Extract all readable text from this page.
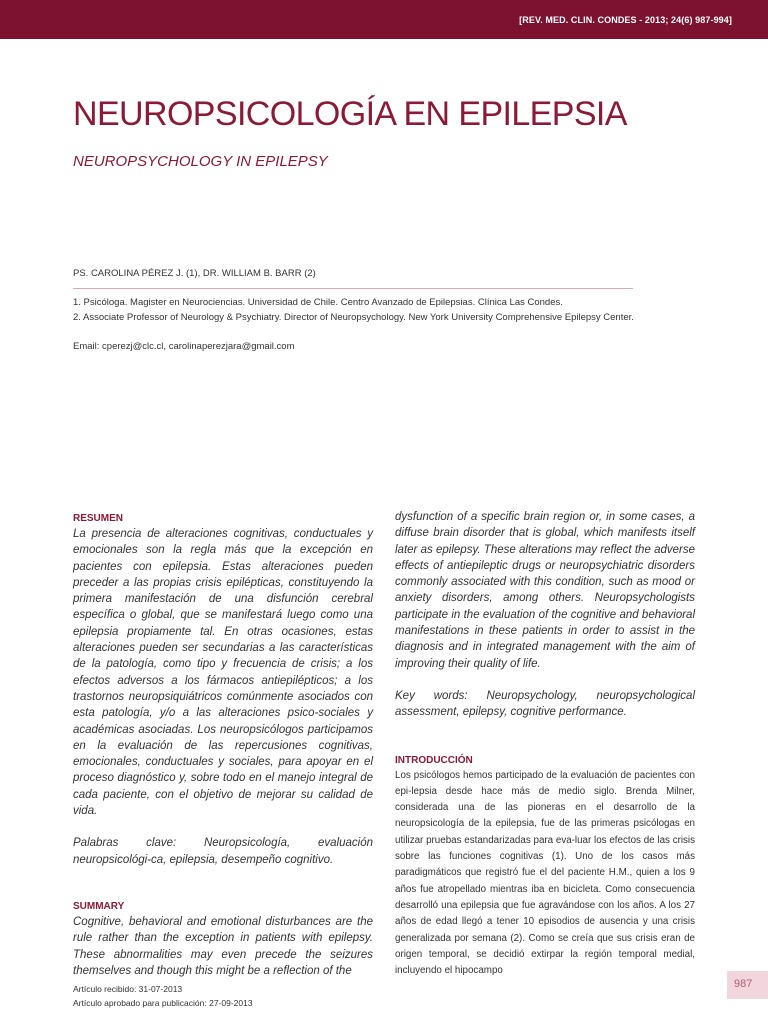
[REV. MED. CLIN. CONDES - 2013; 24(6) 987-994]
NEUROPSICOLOGÍA EN EPILEPSIA
NEUROPSYCHOLOGY IN EPILEPSY
PS. CAROLINA PÉREZ J. (1), DR. WILLIAM B. BARR (2)
1. Psicóloga. Magister en Neurociencias. Universidad de Chile. Centro Avanzado de Epilepsias. Clínica Las Condes.
2. Associate Professor of Neurology & Psychiatry. Director of Neuropsychology. New York University Comprehensive Epilepsy Center.
Email: cperezj@clc.cl, carolinaperezjara@gmail.com

RESUMEN

La presencia de alteraciones cognitivas, conductuales y emocionales son la regla más que la excepción en pacientes con epilepsia. Estas alteraciones pueden preceder a las propias crisis epilépticas, constituyendo la primera manifestación de una disfunción cerebral específica o global, que se manifestará luego como una epilepsia propiamente tal. En otras ocasiones, estas alteraciones pueden ser secundarias a las características de la patología, como tipo y frecuencia de crisis; a los efectos adversos a los fármacos antiepilépticos; a los trastornos neuropsiquiátricos comúnmente asociados con esta patología, y/o a las alteraciones psico-sociales y académicas asociadas. Los neuropsicólogos participamos en la evaluación de las repercusiones cognitivas, emocionales, conductuales y sociales, para apoyar en el proceso diagnóstico y, sobre todo en el manejo integral de cada paciente, con el objetivo de mejorar su calidad de vida.

Palabras clave: Neuropsicología, evaluación neuropsicológi-ca, epilepsia, desempeño cognitivo.

SUMMARY

Cognitive, behavioral and emotional disturbances are the rule rather than the exception in patients with epilepsy. These abnormalities may even precede the seizures themselves and though this might be a reflection of the

dysfunction of a specific brain region or, in some cases, a diffuse brain disorder that is global, which manifests itself later as epilepsy. These alterations may reflect the adverse effects of antiepileptic drugs or neuropsychiatric disorders commonly associated with this condition, such as mood or anxiety disorders, among others. Neuropsychologists participate in the evaluation of the cognitive and behavioral manifestations in these patients in order to assist in the diagnosis and in integrated management with the aim of improving their quality of life.

Key words: Neuropsychology, neuropsychological assessment, epilepsy, cognitive performance.

INTRODUCCIÓN

Los psicólogos hemos participado de la evaluación de pacientes con epi-lepsia desde hace más de medio siglo. Brenda Milner, considerada una de las pioneras en el desarrollo de la neuropsicología de la epilepsia, fue de las primeras psicólogas en utilizar pruebas estandarizadas para eva-luar los efectos de las crisis sobre las funciones cognitivas (1). Uno de los casos más paradigmáticos que registró fue el del paciente H.M., quien a los 9 años fue atropellado mientras iba en bicicleta. Como consecuencia desarrolló una epilepsia que fue agravándose con los años. A los 27 años de edad llegó a tener 10 episodios de ausencia y una crisis generalizada por semana (2). Como se creía que sus crisis eran de origen temporal, se decidió extirpar la región temporal medial, incluyendo el hipocampo

Artículo recibido: 31-07-2013
Artículo aprobado para publicación: 27-09-2013
987
